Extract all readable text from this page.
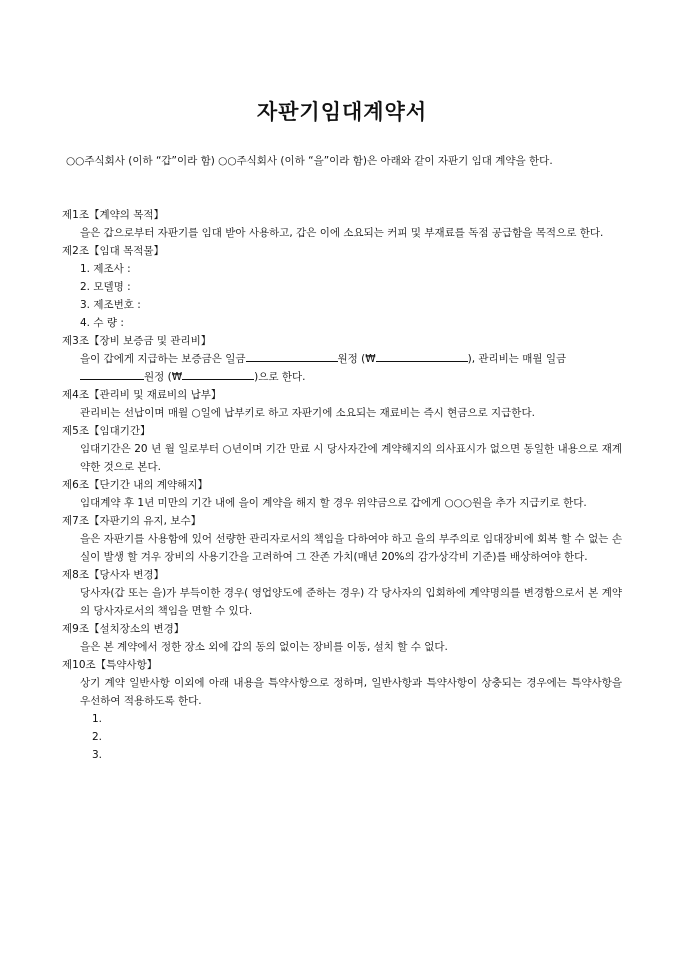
자판기임대계약서
○○주식회사 (이하 “갑”이라 함) ○○주식회사 (이하 “을”이라 함)은 아래와 같이 자판기 임대 계약을 한다.
제1조【계약의 목적】
을은 갑으로부터 자판기를 임대 받아 사용하고, 갑은 이에 소요되는 커피 및 부재료를 독점 공급함을 목적으로 한다.
제2조【임대 목적물】
1. 제조사 :
2. 모델명 :
3. 제조번호 :
4. 수 량 :
제3조【장비 보증금 및 관리비】
을이 갑에게 지급하는 보증금은 일금	원정 (₩	), 관리비는 매월 일금
원정 (₩	)으로 한다.
제4조【관리비 및 재료비의 납부】
관리비는 선납이며 매월 ○일에 납부키로 하고 자판기에 소요되는 재료비는 즉시 현금으로 지급한다.
제5조【임대기간】
임대기간은 20 년 월 일로부터 ○년이며 기간 만료 시 당사자간에 계약해지의 의사표시가 없으면 동일한 내용으로 재계약한 것으로 본다.
제6조【단기간 내의 계약해지】
임대계약 후 1년 미만의 기간 내에 을이 계약을 해지 할 경우 위약금으로 갑에게 ○○○원을 추가 지급키로 한다.
제7조【자판기의 유지, 보수】
을은 자판기를 사용함에 있어 선량한 관리자로서의 책임을 다하여야 하고 을의 부주의로 임대장비에 회복 할 수 없는 손실이 발생 할 겨우 장비의 사용기간을 고려하여 그 잔존 가치(매년 20%의 감가상각비 기준)를 배상하여야 한다.
제8조【당사자 변경】
당사자(갑 또는 을)가 부득이한 경우( 영업양도에 준하는 경우) 각 당사자의 입회하에 계약명의를 변경함으로서 본 계약의 당사자로서의 책임을 면할 수 있다.
제9조【설치장소의 변경】
을은 본 계약에서 정한 장소 외에 갑의 동의 없이는 장비를 이동, 설치 할 수 없다.
제10조【특약사항】
상기 계약 일반사항 이외에 아래 내용을 특약사항으로 정하며, 일반사항과 특약사항이 상충되는 경우에는 특약사항을 우선하여 적용하도록 한다.
1.
2.
3.
